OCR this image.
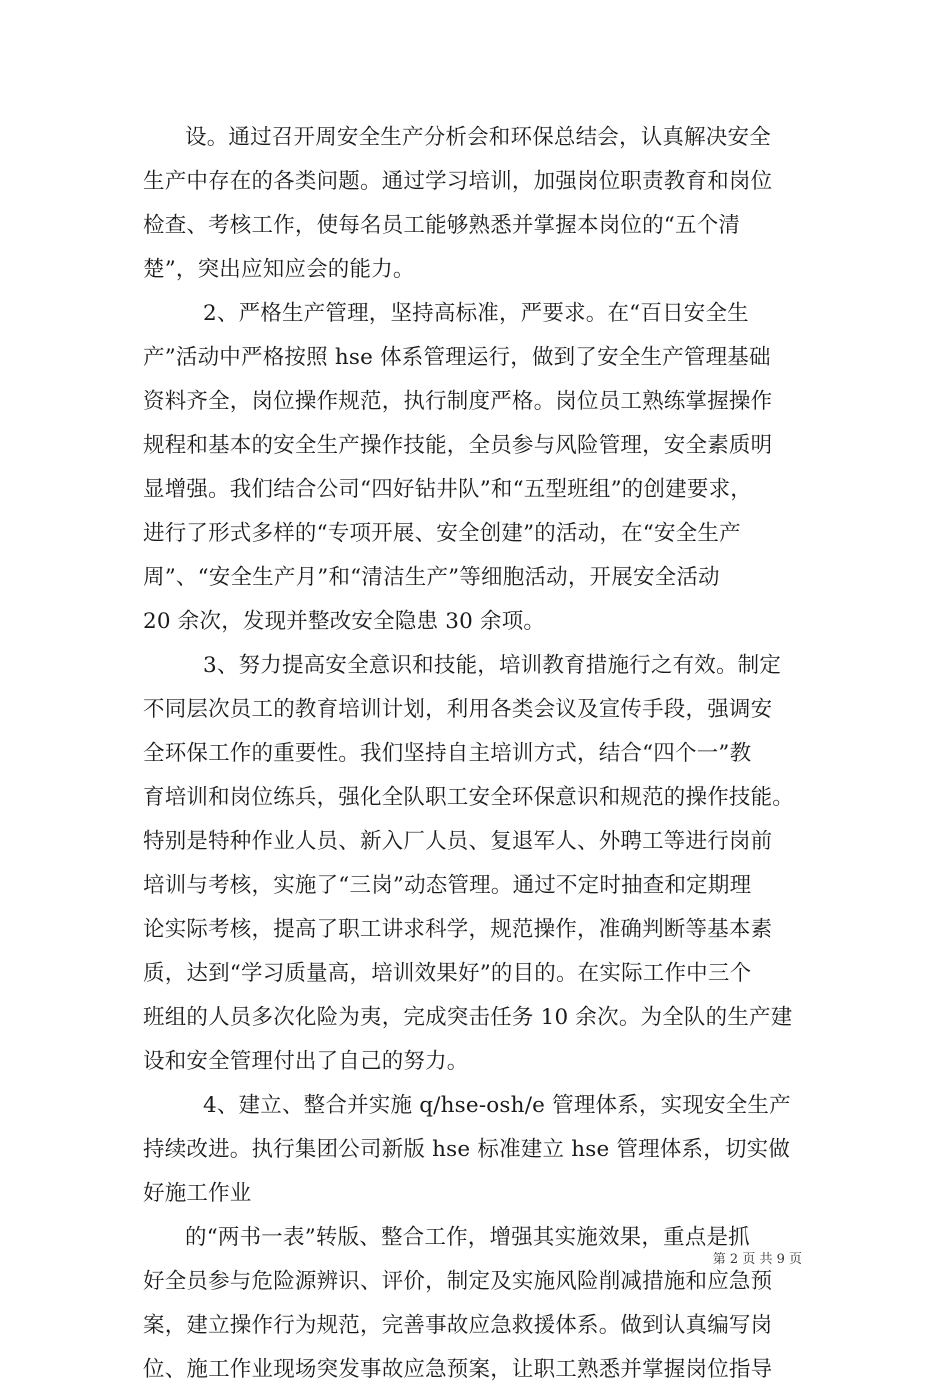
设。通过召开周安全生产分析会和环保总结会，认真解决安全
生产中存在的各类问题。通过学习培训，加强岗位职责教育和岗位
检查、考核工作，使每名员工能够熟悉并掌握本岗位的“五个清
楚”，突出应知应会的能力。
2、严格生产管理，坚持高标准，严要求。在“百日安全生
产”活动中严格按照 hse 体系管理运行，做到了安全生产管理基础
资料齐全，岗位操作规范，执行制度严格。岗位员工熟练掌握操作
规程和基本的安全生产操作技能，全员参与风险管理，安全素质明
显增强。我们结合公司“四好钻井队”和“五型班组”的创建要求，
进行了形式多样的“专项开展、安全创建”的活动，在“安全生产
周”、“安全生产月”和“清洁生产”等细胞活动，开展安全活动
20 余次，发现并整改安全隐患 30 余项。
3、努力提高安全意识和技能，培训教育措施行之有效。制定
不同层次员工的教育培训计划，利用各类会议及宣传手段，强调安
全环保工作的重要性。我们坚持自主培训方式，结合“四个一”教
育培训和岗位练兵，强化全队职工安全环保意识和规范的操作技能。
特别是特种作业人员、新入厂人员、复退军人、外聘工等进行岗前
培训与考核，实施了“三岗”动态管理。通过不定时抽查和定期理
论实际考核，提高了职工讲求科学，规范操作，准确判断等基本素
质，达到“学习质量高，培训效果好”的目的。在实际工作中三个
班组的人员多次化险为夷，完成突击任务 10 余次。为全队的生产建
设和安全管理付出了自己的努力。
4、建立、整合并实施 q/hse-osh/e 管理体系，实现安全生产
持续改进。执行集团公司新版 hse 标准建立 hse 管理体系，切实做
好施工作业
的“两书一表”转版、整合工作，增强其实施效果，重点是抓
好全员参与危险源辨识、评价，制定及实施风险削减措施和应急预
案，建立操作行为规范，完善事故应急救援体系。做到认真编写岗
位、施工作业现场突发事故应急预案，让职工熟悉并掌握岗位指导
第 2 页 共 9 页
